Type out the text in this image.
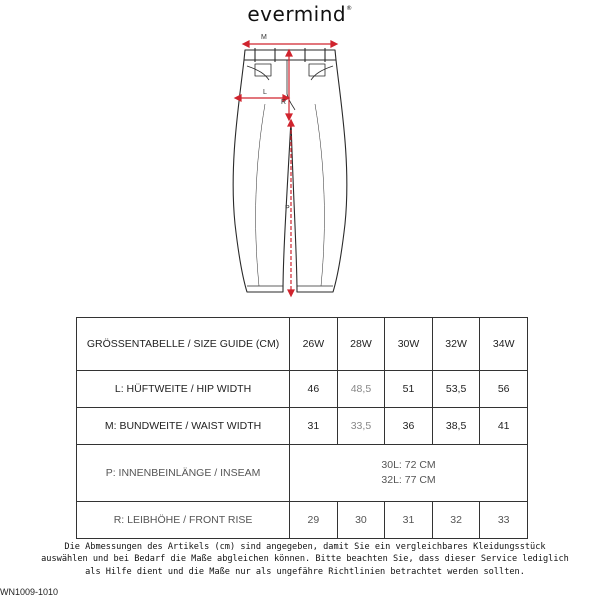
evermind®
M
L
R
P
GRÖSSENTABELLE / SIZE GUIDE (CM)	26W	28W	30W	32W	34W
L: HÜFTWEITE / HIP WIDTH	46	48,5	51	53,5	56
M: BUNDWEITE / WAIST WIDTH	31	33,5	36	38,5	41
P: INNENBEINLÄNGE / INSEAM	30L: 72 CM
32L: 77 CM				

R: LEIBHÖHE / FRONT RISE	29	30	31	32	33
Die Abmessungen des Artikels (cm) sind angegeben, damit Sie ein vergleichbares Kleidungsstück auswählen und bei Bedarf die Maße abgleichen können. Bitte beachten Sie, dass dieser Service lediglich als Hilfe dient und die Maße nur als ungefähre Richtlinien betrachtet werden sollten.
WN1009-1010
